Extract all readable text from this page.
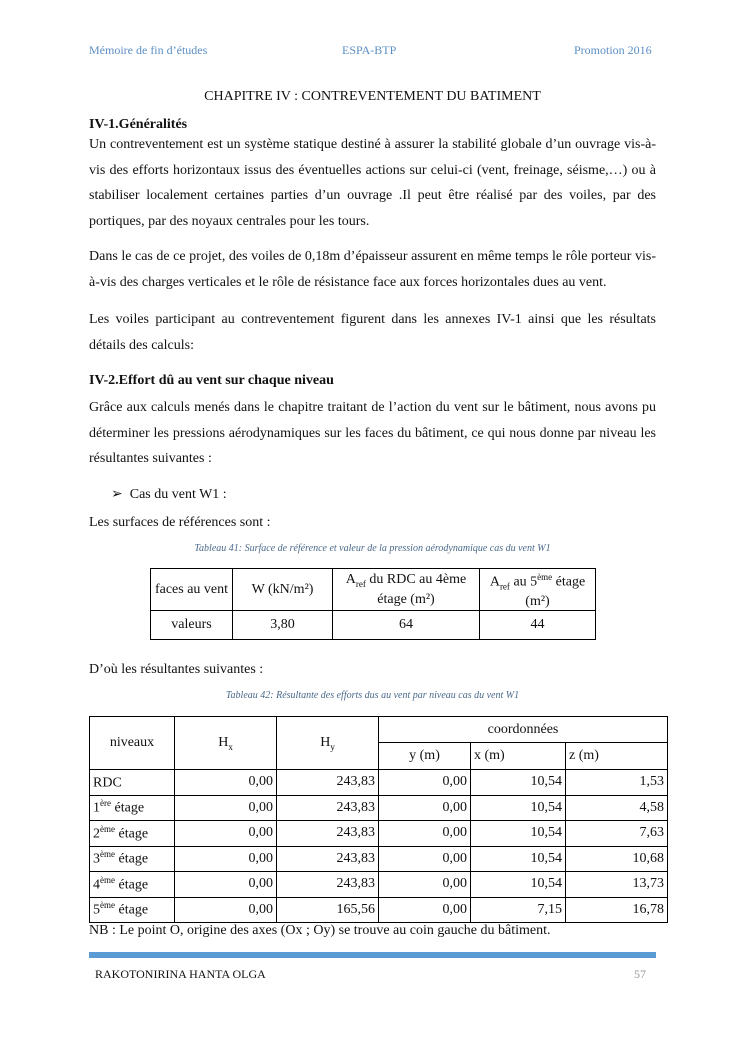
Mémoire de fin d’études	ESPA-BTP	Promotion 2016
CHAPITRE IV : CONTREVENTEMENT DU BATIMENT
IV-1.Généralités
Un contreventement est un système statique destiné à assurer la stabilité globale d’un ouvrage vis-à-vis des efforts horizontaux issus des éventuelles actions sur celui-ci (vent, freinage, séisme,…) ou à stabiliser localement certaines parties d’un ouvrage .Il peut être réalisé par des voiles, par des portiques, par des noyaux centrales pour les tours.
Dans le cas de ce projet, des voiles de 0,18m d’épaisseur assurent en même temps le rôle porteur vis-à-vis des charges verticales et le rôle de résistance face aux forces horizontales dues au vent.
Les voiles participant au contreventement figurent dans les annexes IV-1 ainsi que les résultats détails des calculs:
IV-2.Effort dû au vent sur chaque niveau
Grâce aux calculs menés dans le chapitre traitant de l’action du vent sur le bâtiment, nous avons pu déterminer les pressions aérodynamiques sur les faces du bâtiment, ce qui nous donne par niveau les résultantes suivantes :
➢ Cas du vent W1 :
Les surfaces de références sont :
Tableau 41: Surface de référence et valeur de la pression aérodynamique cas du vent W1
faces au vent	W (kN/m²)	$A_{ref}$ du RDC au 4ème étage (m²)	$A_{ref}$ au 5ème étage (m²)
valeurs	3,80	64	44
D’où les résultantes suivantes :
Tableau 42: Résultante des efforts dus au vent par niveau cas du vent W1
niveaux	$H_x$	$H_y$	coordonnées		
			y (m)	x (m)	z (m)
RDC	0,00	243,83	0,00	10,54	1,53
1ère étage	0,00	243,83	0,00	10,54	4,58
2ème étage	0,00	243,83	0,00	10,54	7,63
3ème étage	0,00	243,83	0,00	10,54	10,68
4ème étage	0,00	243,83	0,00	10,54	13,73
5ème étage	0,00	165,56	0,00	7,15	16,78
NB : Le point O, origine des axes (Ox ; Oy) se trouve au coin gauche du bâtiment.
RAKOTONIRINA HANTA OLGA	57
